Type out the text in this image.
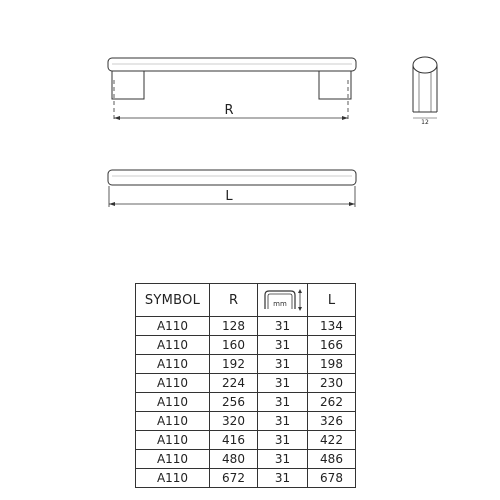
R
12
L
SYMBOL	R	mm	L
A110	128	31	134
A110	160	31	166
A110	192	31	198
A110	224	31	230
A110	256	31	262
A110	320	31	326
A110	416	31	422
A110	480	31	486
A110	672	31	678
